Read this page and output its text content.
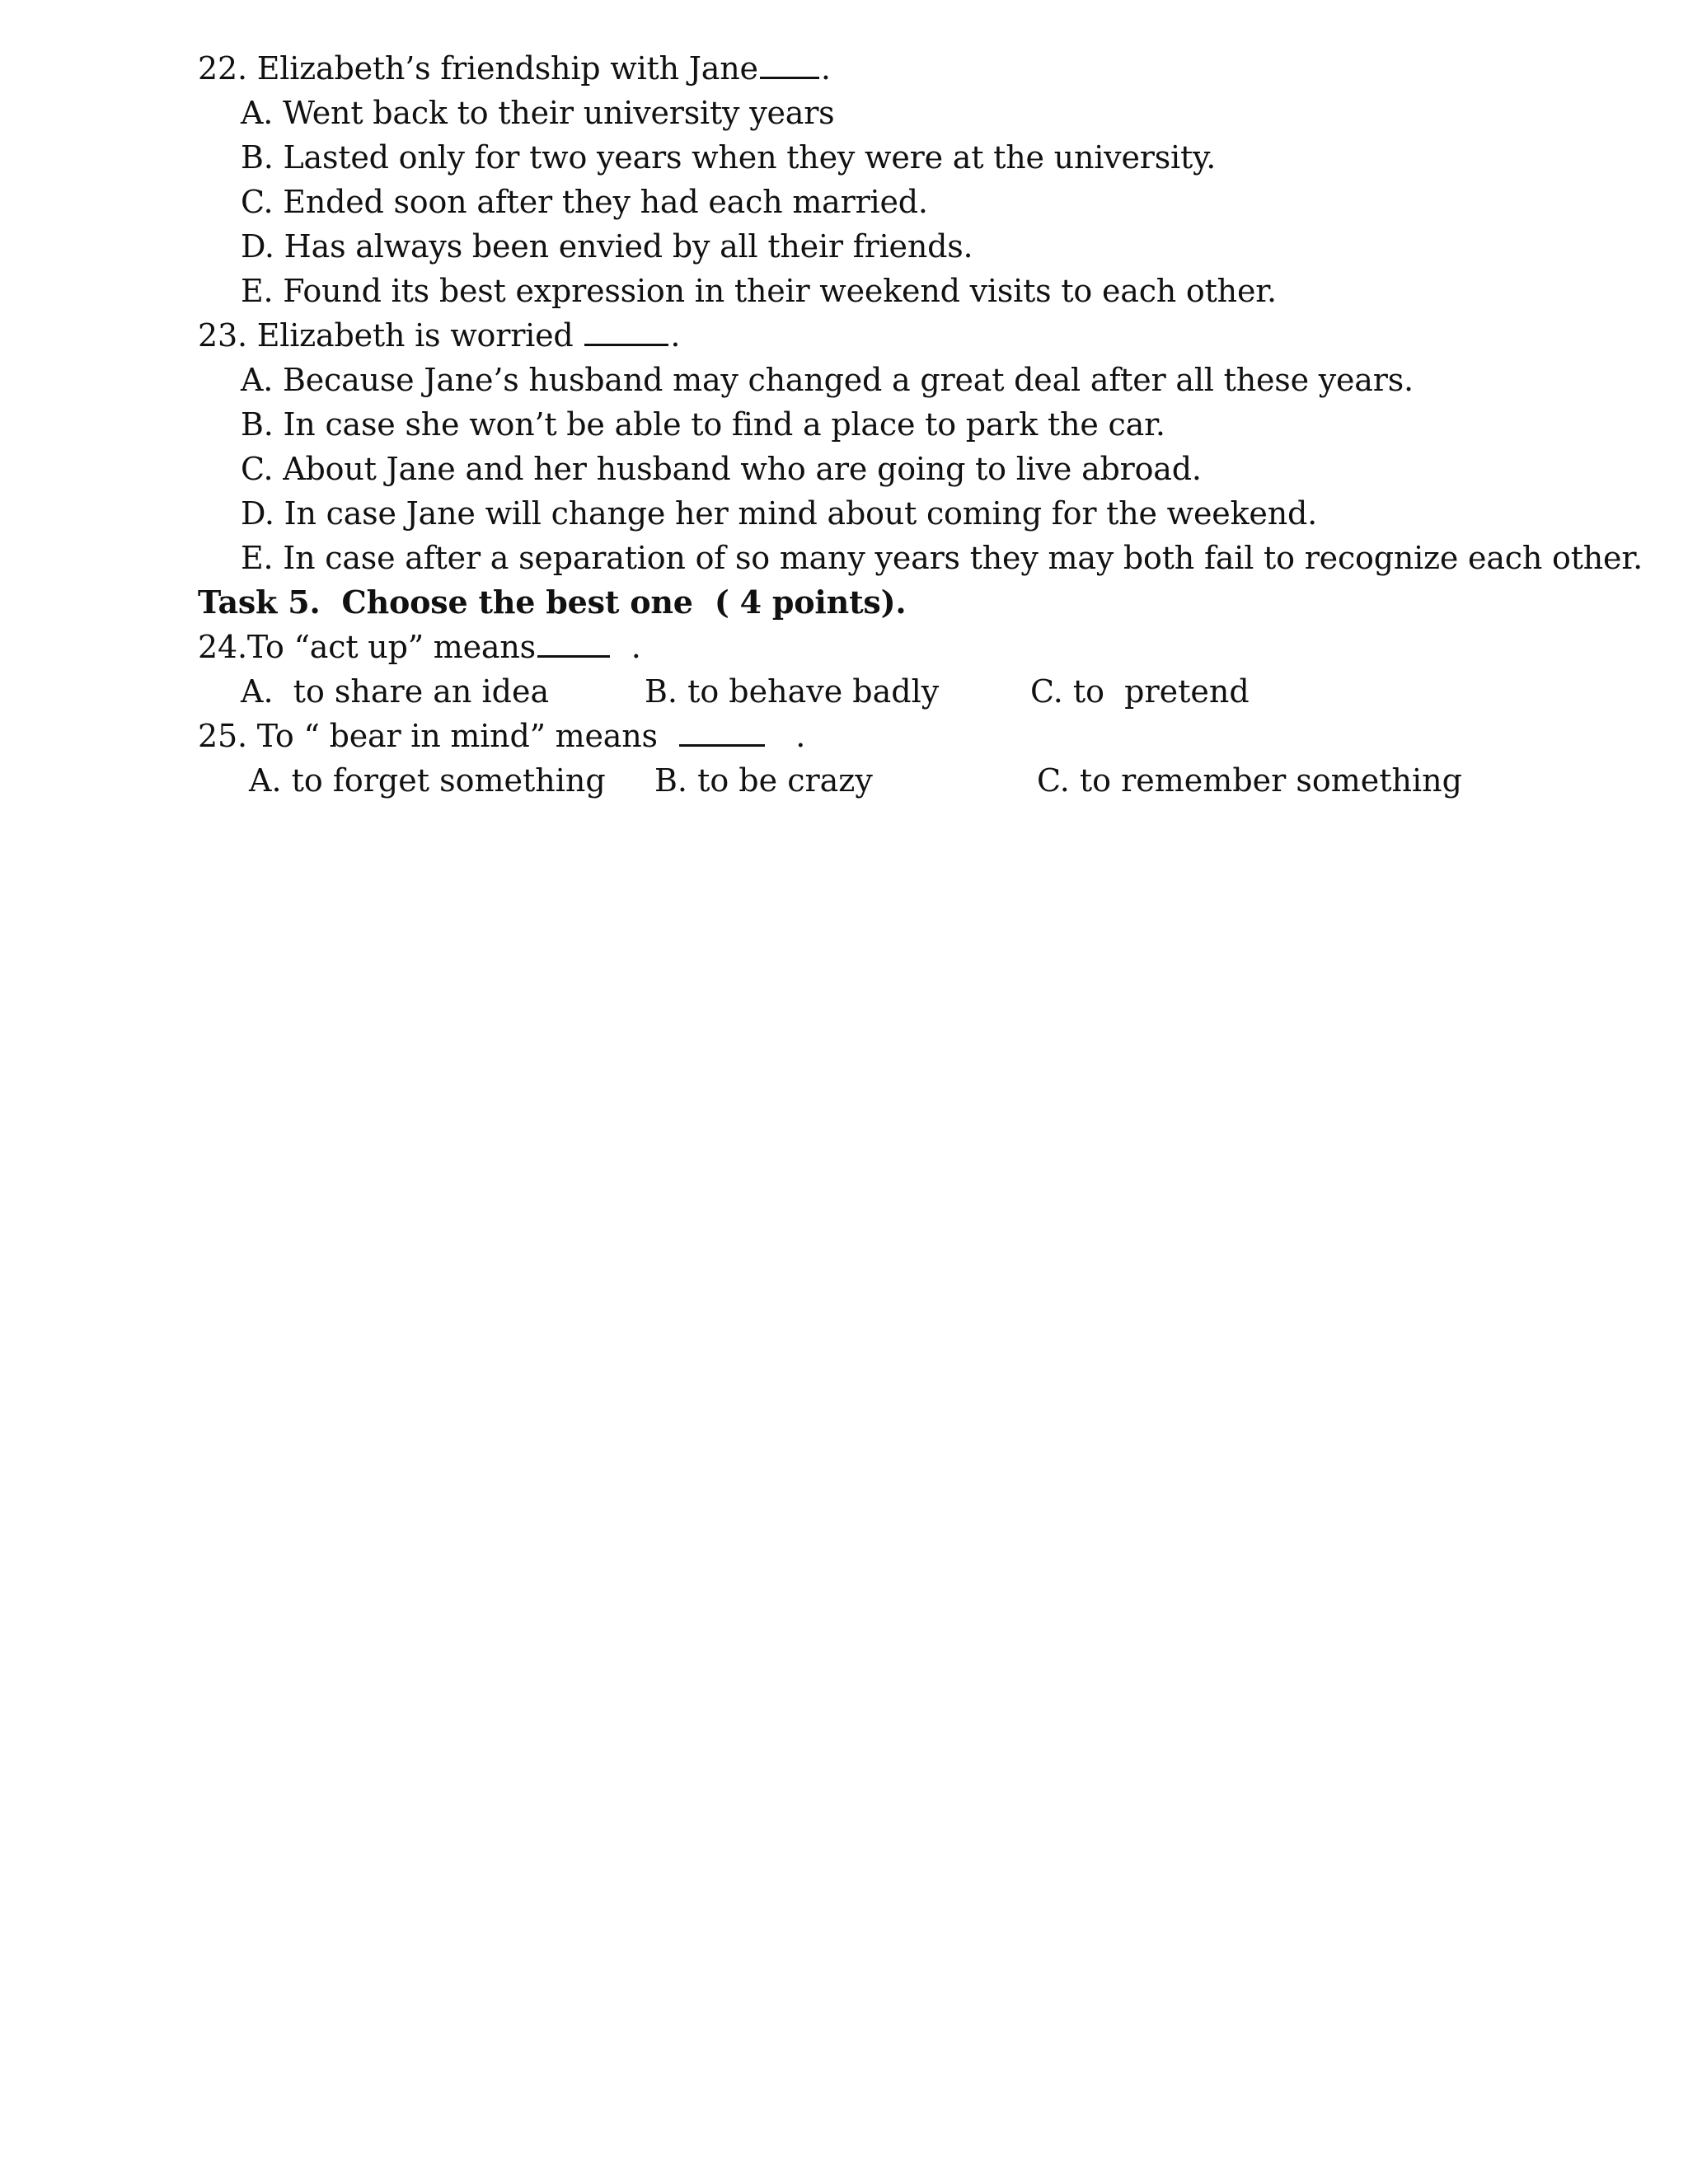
22. Elizabeth’s friendship with Jane .
A. Went back to their university years
B. Lasted only for two years when they were at the university.
C. Ended soon after they had each married.
D. Has always been envied by all their friends.
E. Found its best expression in their weekend visits to each other.
23. Elizabeth is worried	.
A. Because Jane’s husband may changed a great deal after all these years.
B. In case she won’t be able to find a place to park the car.
C. About Jane and her husband who are going to live abroad.
D. In case Jane will change her mind about coming for the weekend.
E. In case after a separation of so many years they may both fail to recognize each other.
Task 5.  Choose the best one  ( 4 points).
24.To “act up” means  .
A.  to share an idea	B. to behave badly	C. to  pretend
25. To “ bear in mind” means	.
A. to forget something B. to be crazy	C. to remember something
